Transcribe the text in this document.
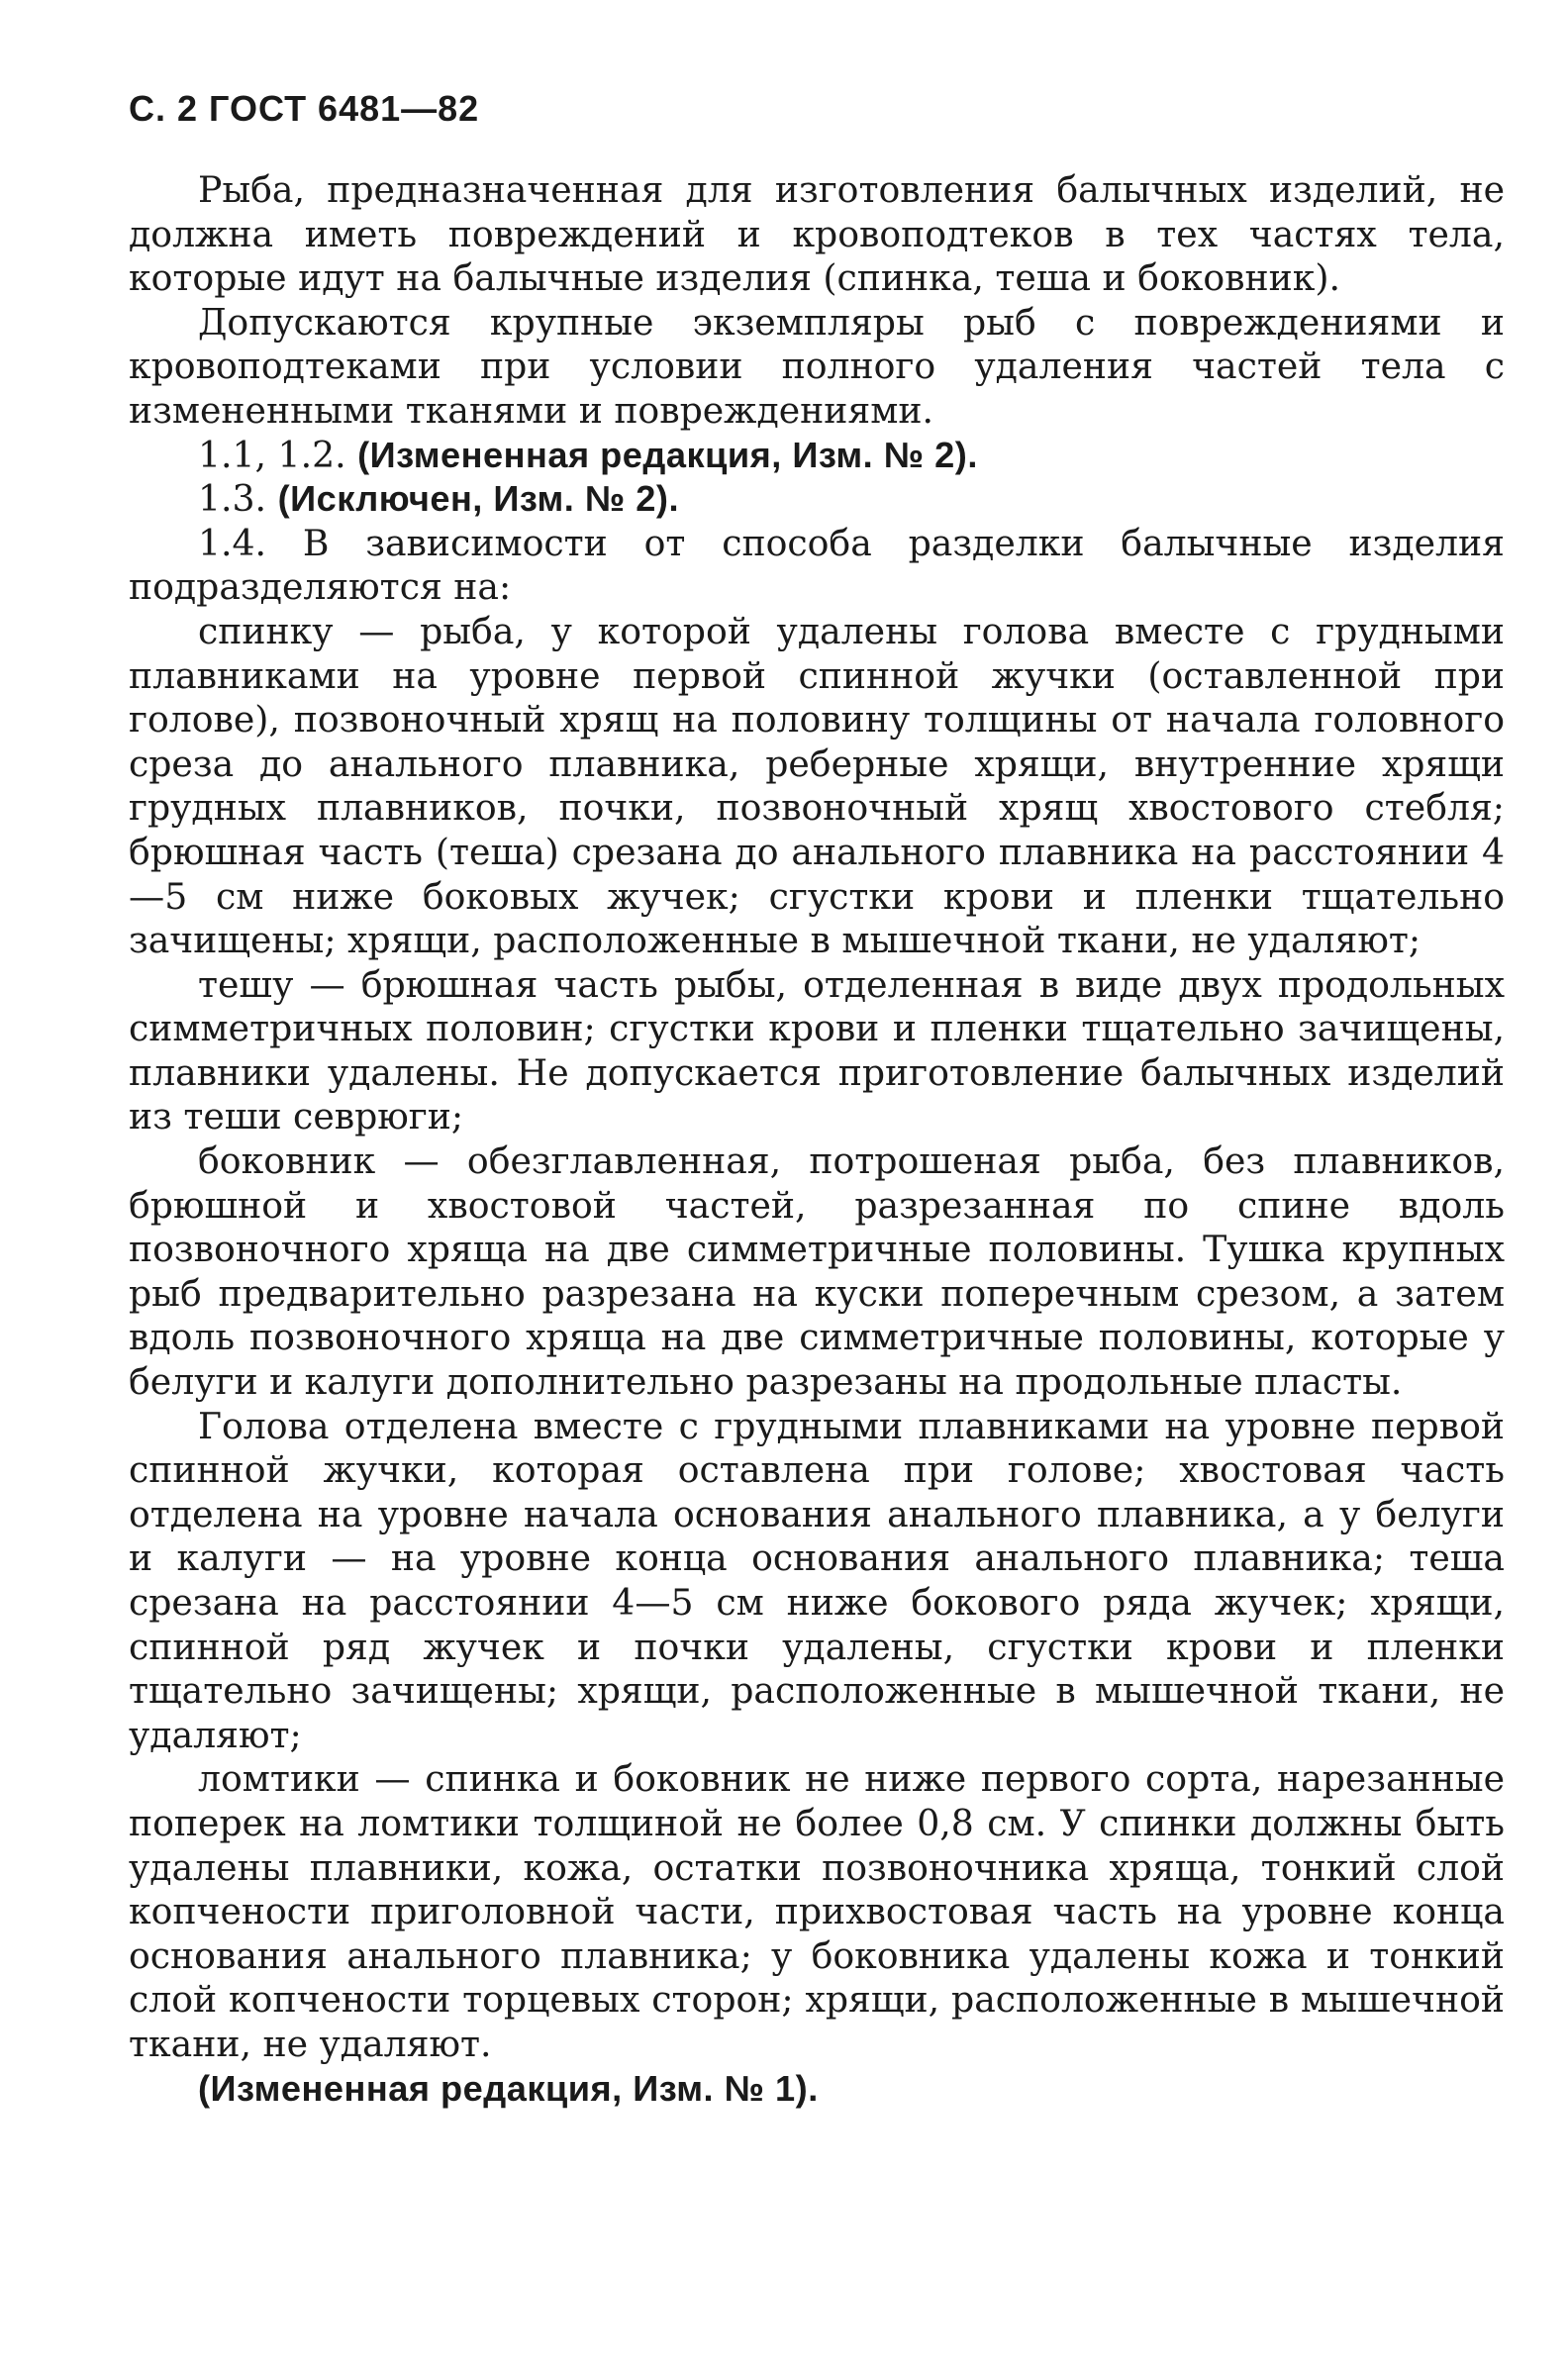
С. 2 ГОСТ 6481—82

Рыба, предназначенная для изготовления балычных изделий, не должна иметь повреждений и кровоподтеков в тех частях тела, которые идут на балычные изделия (спинка, теша и боковник).

Допускаются крупные экземпляры рыб с повреждениями и кровоподтеками при условии полного удаления частей тела с измененными тканями и повреждениями.

1.1, 1.2. (Измененная редакция, Изм. № 2).

1.3. (Исключен, Изм. № 2).

1.4. В зависимости от способа разделки балычные изделия подразделяются на:

спинку — рыба, у которой удалены голова вместе с грудными плавниками на уровне первой спинной жучки (оставленной при голове), позвоночный хрящ на половину толщины от начала головного среза до анального плавника, реберные хрящи, внутренние хрящи грудных плавников, почки, позвоночный хрящ хвостового стебля; брюшная часть (теша) срезана до анального плавника на расстоянии 4—5 см ниже боковых жучек; сгустки крови и пленки тщательно зачищены; хрящи, расположенные в мышечной ткани, не удаляют;

тешу — брюшная часть рыбы, отделенная в виде двух продольных симметричных половин; сгустки крови и пленки тщательно зачищены, плавники удалены. Не допускается приготовление балычных изделий из теши севрюги;

боковник — обезглавленная, потрошеная рыба, без плавников, брюшной и хвостовой частей, разрезанная по спине вдоль позвоночного хряща на две симметричные половины. Тушка крупных рыб предварительно разрезана на куски поперечным срезом, а затем вдоль позвоночного хряща на две симметричные половины, которые у белуги и калуги дополнительно разрезаны на продольные пласты.

Голова отделена вместе с грудными плавниками на уровне первой спинной жучки, которая оставлена при голове; хвостовая часть отделена на уровне начала основания анального плавника, а у белуги и калуги — на уровне конца основания анального плавника; теша срезана на расстоянии 4—5 см ниже бокового ряда жучек; хрящи, спинной ряд жучек и почки удалены, сгустки крови и пленки тщательно зачищены; хрящи, расположенные в мышечной ткани, не удаляют;

ломтики — спинка и боковник не ниже первого сорта, нарезанные поперек на ломтики толщиной не более 0,8 см. У спинки должны быть удалены плавники, кожа, остатки позвоночника хряща, тонкий слой копчености приголовной части, прихвостовая часть на уровне конца основания анального плавника; у боковника удалены кожа и тонкий слой копчености торцевых сторон; хрящи, расположенные в мышечной ткани, не удаляют.

(Измененная редакция, Изм. № 1).
